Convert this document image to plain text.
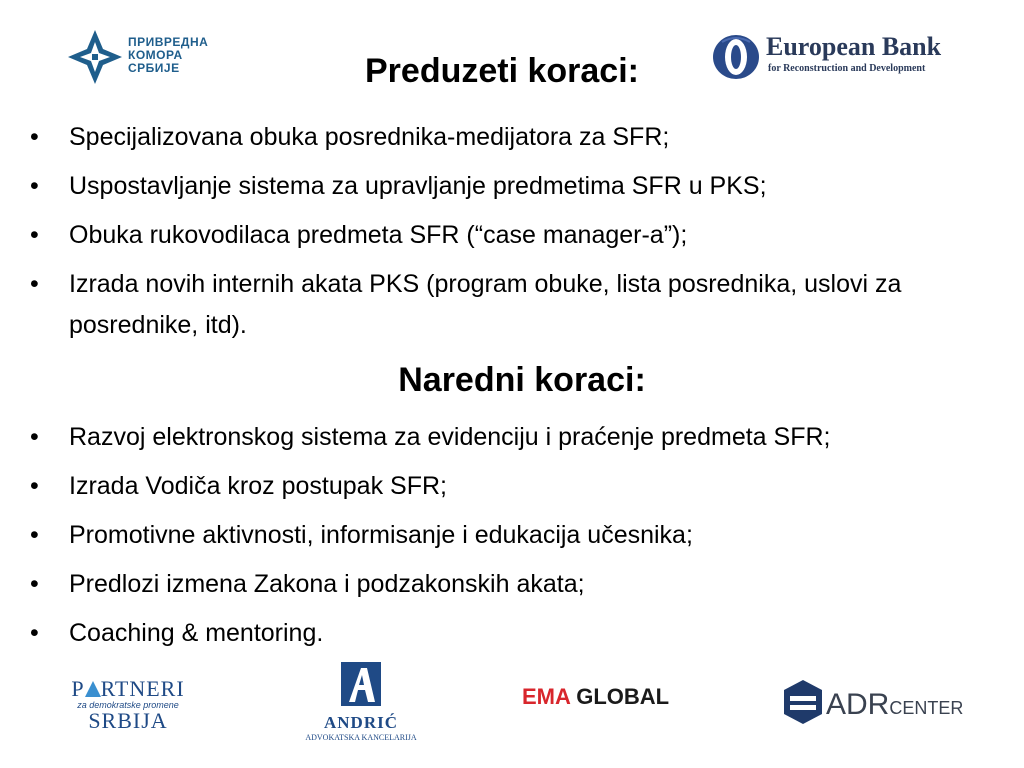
ПРИВРЕДНА
КОМОРА
СРБИЈЕ
European Bank
for Reconstruction and Development
Preduzeti koraci:
• Specijalizovana obuka posrednika-medijatora za SFR;
• Uspostavljanje sistema za upravljanje predmetima SFR u PKS;
• Obuka rukovodilaca predmeta SFR (“case manager-a”);
• Izrada novih internih akata PKS (program obuke, lista posrednika, uslovi za posrednike, itd).
Naredni koraci:
• Razvoj elektronskog sistema za evidenciju i praćenje predmeta SFR;
• Izrada Vodiča kroz postupak SFR;
• Promotivne aktivnosti, informisanje i edukacija učesnika;
• Predlozi izmena Zakona i podzakonskih akata;
• Coaching & mentoring.
P RTNERI
za demokratske promene
SRBIJA	ANDRIĆ
ADVOKATSKA KANCELARIJA
EMA GLOBAL	ADRCENTER
